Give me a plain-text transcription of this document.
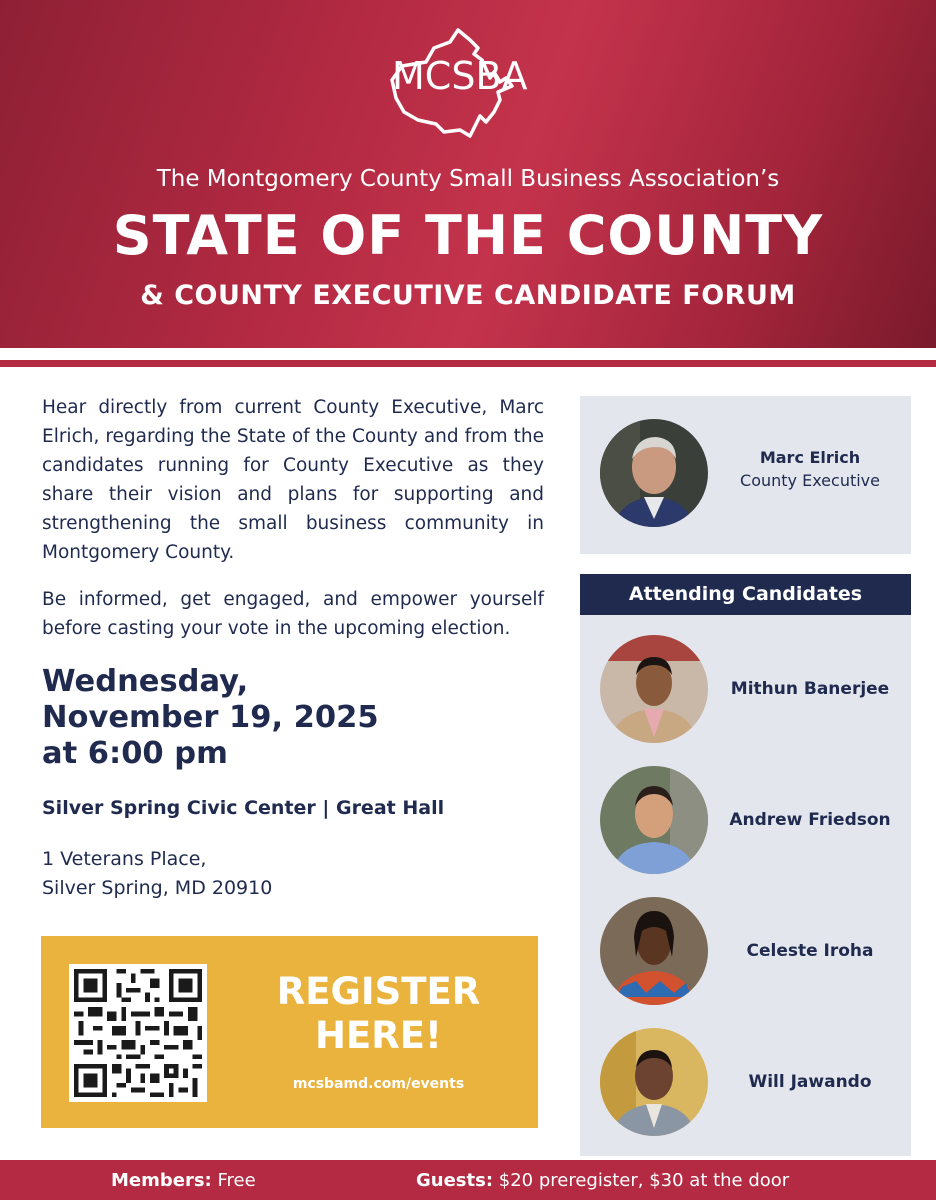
MCSBA
The Montgomery County Small Business Association’s
STATE OF THE COUNTY
& COUNTY EXECUTIVE CANDIDATE FORUM
Hear directly from current County Executive, Marc Elrich, regarding the State of the County and from the candidates running for County Executive as they share their vision and plans for supporting and strengthening the small business community in Montgomery County.
Be informed, get engaged, and empower yourself before casting your vote in the upcoming election.
Wednesday,
November 19, 2025
at 6:00 pm
Silver Spring Civic Center | Great Hall
1 Veterans Place,
Silver Spring, MD 20910
REGISTER
HERE!
mcsbamd.com/events
Marc Elrich
County Executive
Attending Candidates
Mithun Banerjee
Andrew Friedson
Celeste Iroha
Will Jawando
Members: Free	Guests: $20 preregister, $30 at the door
